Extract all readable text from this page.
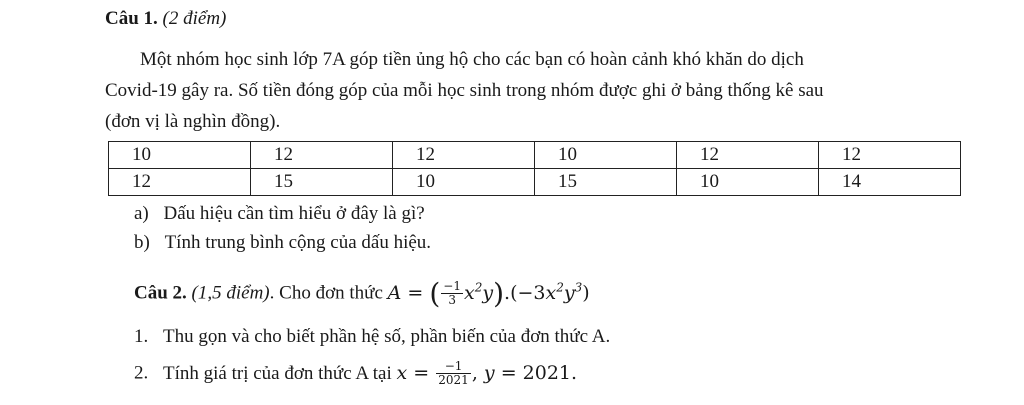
Câu 1. (2 điểm)
Một nhóm học sinh lớp 7A góp tiền ủng hộ cho các bạn có hoàn cảnh khó khăn do dịch
Covid-19 gây ra. Số tiền đóng góp của mỗi học sinh trong nhóm được ghi ở bảng thống kê sau
(đơn vị là nghìn đồng).
10	12	12	10	12	12
12	15	10	15	10	14
a) Dấu hiệu cần tìm hiểu ở đây là gì?
b) Tính trung bình cộng của dấu hiệu.
Câu 2. (1,5 điểm). Cho đơn thức A = ( $\frac{-1}{3} x^2y).(-3x^2y^3)$
1. Thu gọn và cho biết phần hệ số, phần biến của đơn thức A.
2. Tính giá trị của đơn thức A tại $x = \frac{-1}{2021}$ , y = 2021.
